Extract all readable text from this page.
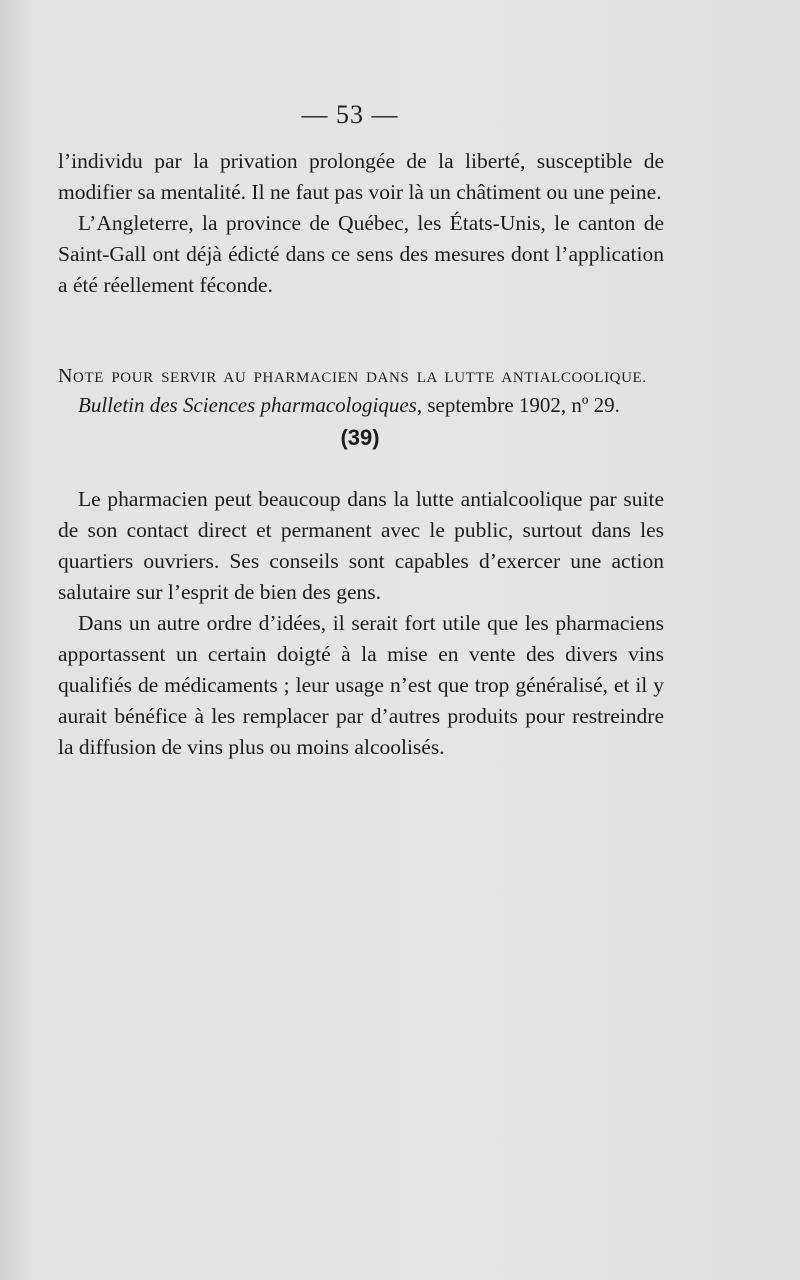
— 53 —

l’individu par la privation prolongée de la liberté, susceptible de modifier sa mentalité. Il ne faut pas voir là un châtiment ou une peine.

L’Angleterre, la province de Québec, les États-Unis, le canton de Saint-Gall ont déjà édicté dans ce sens des mesures dont l’application a été réellement féconde.

NOTE POUR SERVIR AU PHARMACIEN DANS LA LUTTE ANTIALCOOLIQUE.
Bulletin des Sciences pharmacologiques, septembre 1902, nº 29.
(39)

Le pharmacien peut beaucoup dans la lutte antialcoolique par suite de son contact direct et permanent avec le public, surtout dans les quartiers ouvriers. Ses conseils sont capables d’exercer une action salutaire sur l’esprit de bien des gens.

Dans un autre ordre d’idées, il serait fort utile que les pharmaciens apportassent un certain doigté à la mise en vente des divers vins qualifiés de médicaments ; leur usage n’est que trop généralisé, et il y aurait bénéfice à les remplacer par d’autres produits pour restreindre la diffusion de vins plus ou moins alcoolisés.
